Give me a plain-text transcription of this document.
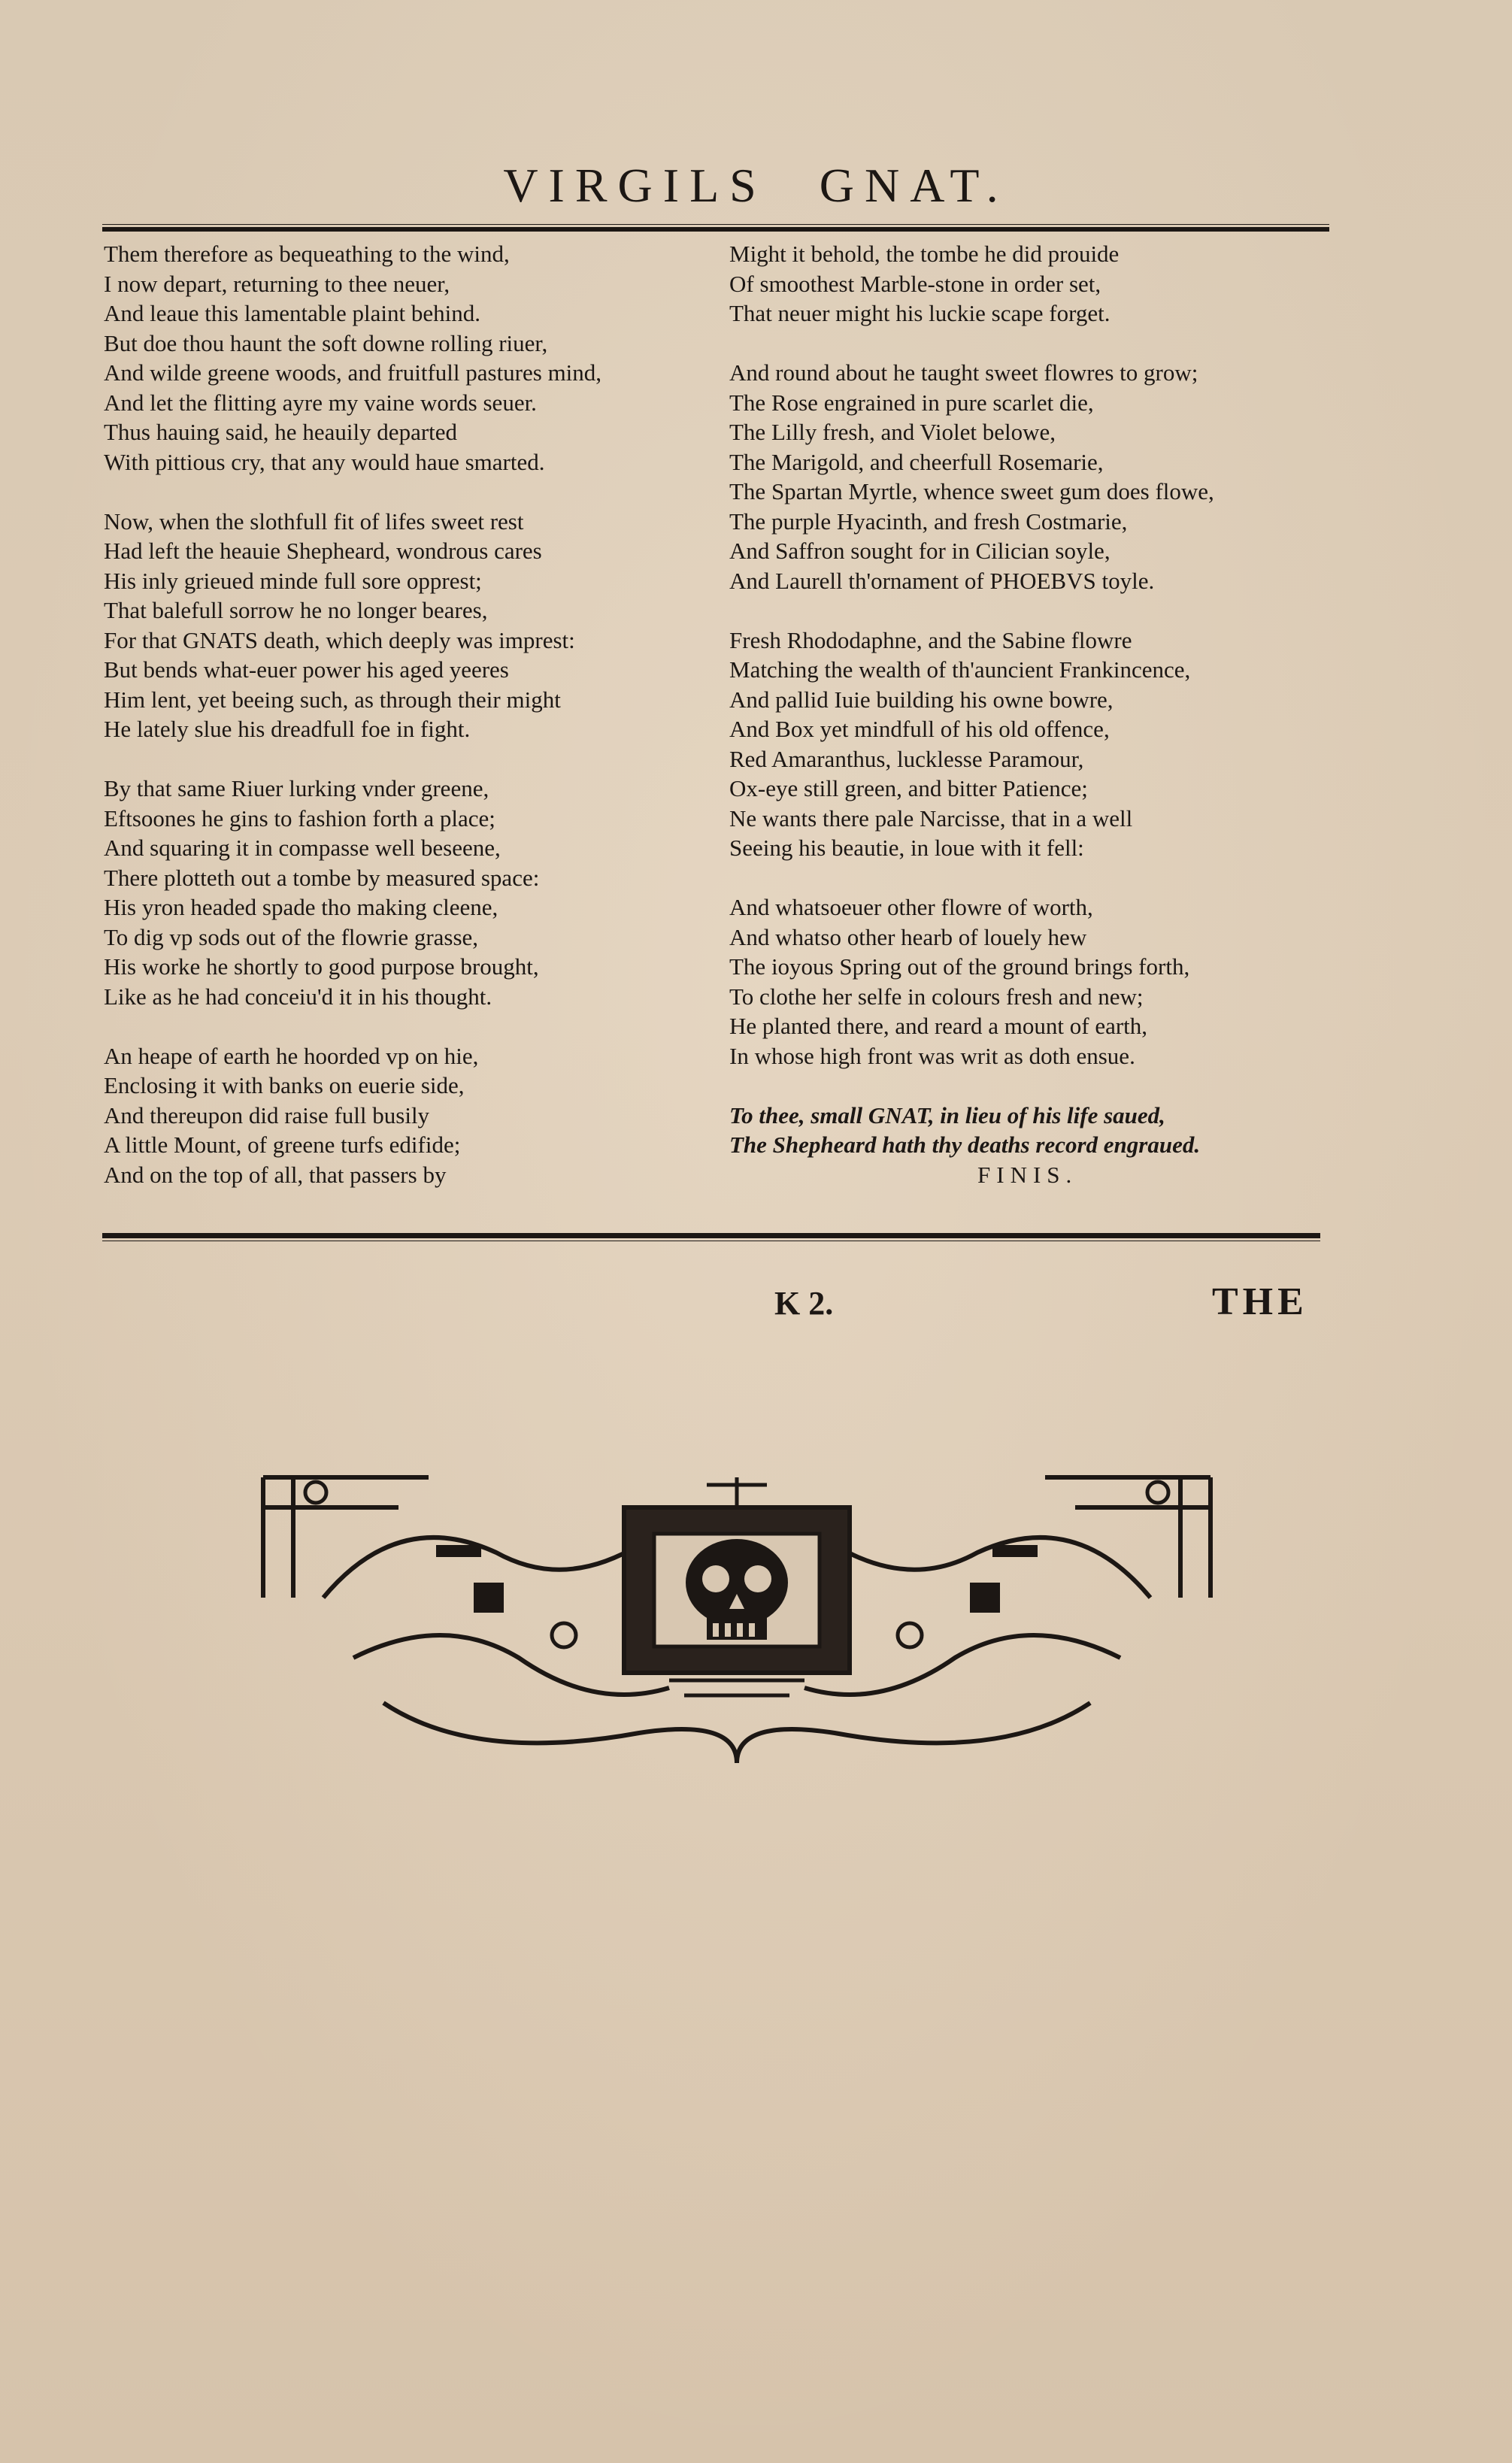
VIRGILS GNAT.
Them therefore as bequeathing to the wind,
I now depart, returning to thee neuer,
And leaue this lamentable plaint behind.
But doe thou haunt the soft downe rolling riuer,
And wilde greene woods, and fruitfull pastures mind,
And let the flitting ayre my vaine words seuer.
Thus hauing said, he heauily departed
With pittious cry, that any would haue smarted.
Now, when the slothfull fit of lifes sweet rest
Had left the heauie Shepheard, wondrous cares
His inly grieued minde full sore opprest;
That balefull sorrow he no longer beares,
For that GNATS death, which deeply was imprest:
But bends what-euer power his aged yeeres
Him lent, yet beeing such, as through their might
He lately slue his dreadfull foe in fight.
By that same Riuer lurking vnder greene,
Eftsoones he gins to fashion forth a place;
And squaring it in compasse well beseene,
There plotteth out a tombe by measured space:
His yron headed spade tho making cleene,
To dig vp sods out of the flowrie grasse,
His worke he shortly to good purpose brought,
Like as he had conceiu'd it in his thought.
An heape of earth he hoorded vp on hie,
Enclosing it with banks on euerie side,
And thereupon did raise full busily
A little Mount, of greene turfs edifide;
And on the top of all, that passers by
Might it behold, the tombe he did prouide
Of smoothest Marble-stone in order set,
That neuer might his luckie scape forget.
And round about he taught sweet flowres to grow;
The Rose engrained in pure scarlet die,
The Lilly fresh, and Violet belowe,
The Marigold, and cheerfull Rosemarie,
The Spartan Myrtle, whence sweet gum does flowe,
The purple Hyacinth, and fresh Costmarie,
And Saffron sought for in Cilician soyle,
And Laurell th'ornament of PHOEBVS toyle.
Fresh Rhododaphne, and the Sabine flowre
Matching the wealth of th'auncient Frankincence,
And pallid Iuie building his owne bowre,
And Box yet mindfull of his old offence,
Red Amaranthus, lucklesse Paramour,
Ox-eye still green, and bitter Patience;
Ne wants there pale Narcisse, that in a well
Seeing his beautie, in loue with it fell:
And whatsoeuer other flowre of worth,
And whatso other hearb of louely hew
The ioyous Spring out of the ground brings forth,
To clothe her selfe in colours fresh and new;
He planted there, and reard a mount of earth,
In whose high front was writ as doth ensue.
To thee, small GNAT, in lieu of his life saued,
The Shepheard hath thy deaths record engraued.
FINIS.
K 2.	THE
